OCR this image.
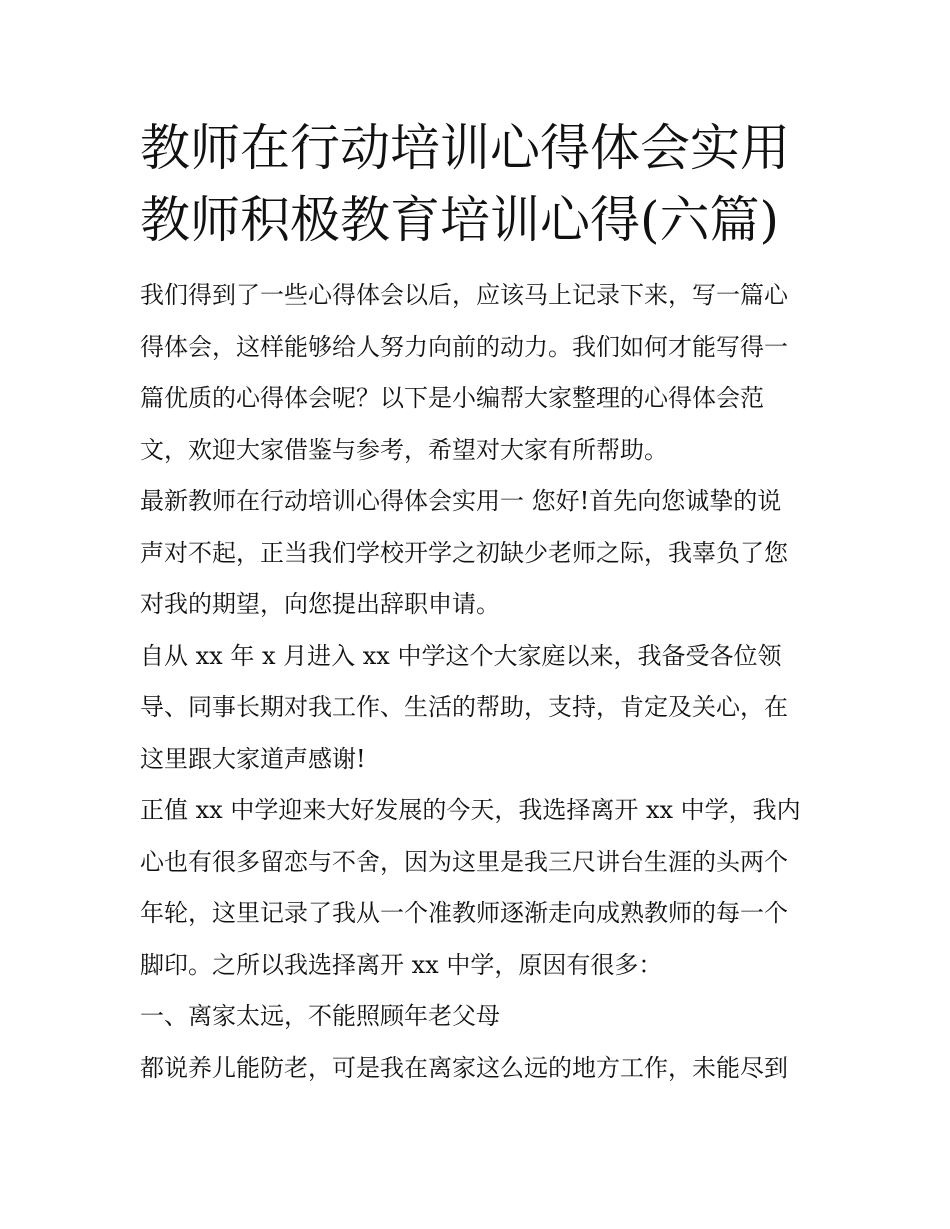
教师在行动培训心得体会实用
教师积极教育培训心得(六篇)

我们得到了一些心得体会以后，应该马上记录下来，写一篇心
得体会，这样能够给人努力向前的动力。我们如何才能写得一
篇优质的心得体会呢？以下是小编帮大家整理的心得体会范
文，欢迎大家借鉴与参考，希望对大家有所帮助。

最新教师在行动培训心得体会实用一 您好!首先向您诚挚的说
声对不起，正当我们学校开学之初缺少老师之际，我辜负了您
对我的期望，向您提出辞职申请。

自从 xx 年 x 月进入 xx 中学这个大家庭以来，我备受各位领
导、同事长期对我工作、生活的帮助，支持，肯定及关心，在
这里跟大家道声感谢!

正值 xx 中学迎来大好发展的今天，我选择离开 xx 中学，我内
心也有很多留恋与不舍，因为这里是我三尺讲台生涯的头两个
年轮，这里记录了我从一个准教师逐渐走向成熟教师的每一个
脚印。之所以我选择离开 xx 中学，原因有很多：

一、离家太远，不能照顾年老父母

都说养儿能防老，可是我在离家这么远的地方工作，未能尽到
